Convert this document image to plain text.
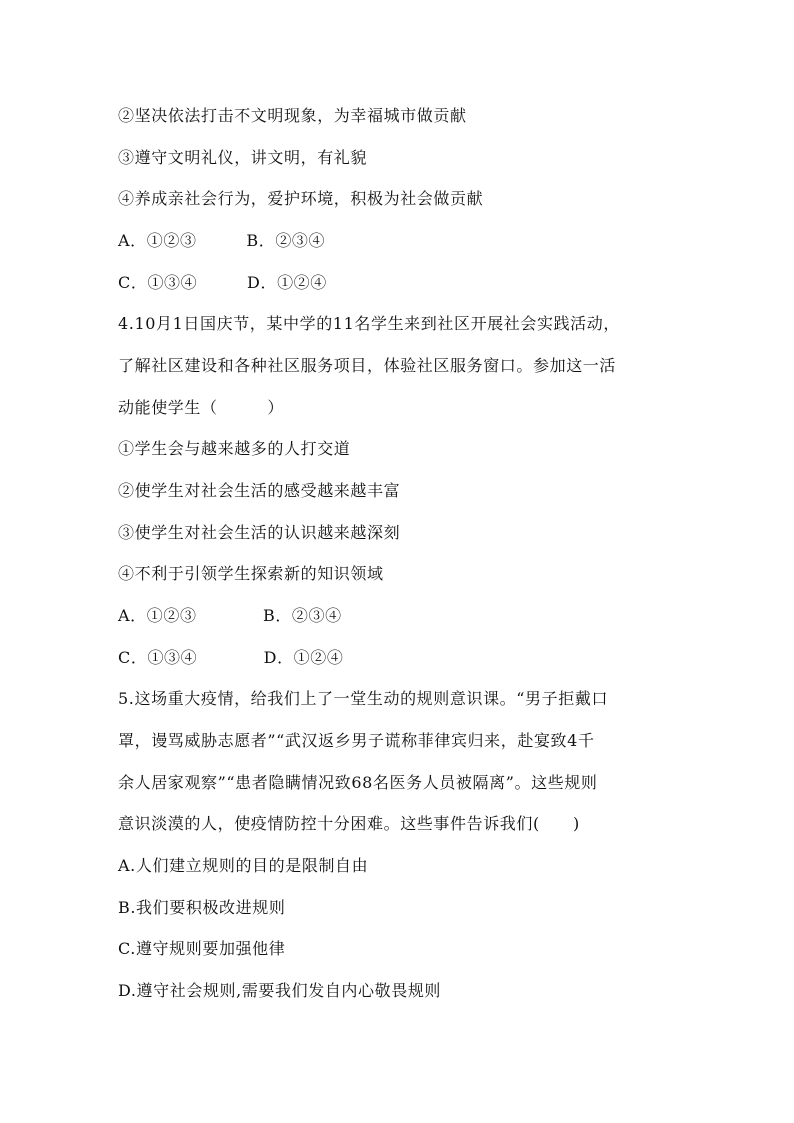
②坚决依法打击不文明现象，为幸福城市做贡献
③遵守文明礼仪，讲文明，有礼貌
④养成亲社会行为，爱护环境，积极为社会做贡献
A．①②③　　　B．②③④
C．①③④　　　D．①②④
4.10月1日国庆节，某中学的11名学生来到社区开展社会实践活动，
了解社区建设和各种社区服务项目，体验社区服务窗口。参加这一活
动能使学生（　　　）
①学生会与越来越多的人打交道
②使学生对社会生活的感受越来越丰富
③使学生对社会生活的认识越来越深刻
④不利于引领学生探索新的知识领域
A．①②③　　　　B．②③④
C．①③④　　　　D．①②④
5.这场重大疫情，给我们上了一堂生动的规则意识课。“男子拒戴口
罩，谩骂威胁志愿者”“武汉返乡男子谎称菲律宾归来，赴宴致4千
余人居家观察”“患者隐瞒情况致68名医务人员被隔离”。这些规则
意识淡漠的人，使疫情防控十分困难。这些事件告诉我们(　　)
A.人们建立规则的目的是限制自由
B.我们要积极改进规则
C.遵守规则要加强他律
D.遵守社会规则,需要我们发自内心敬畏规则
